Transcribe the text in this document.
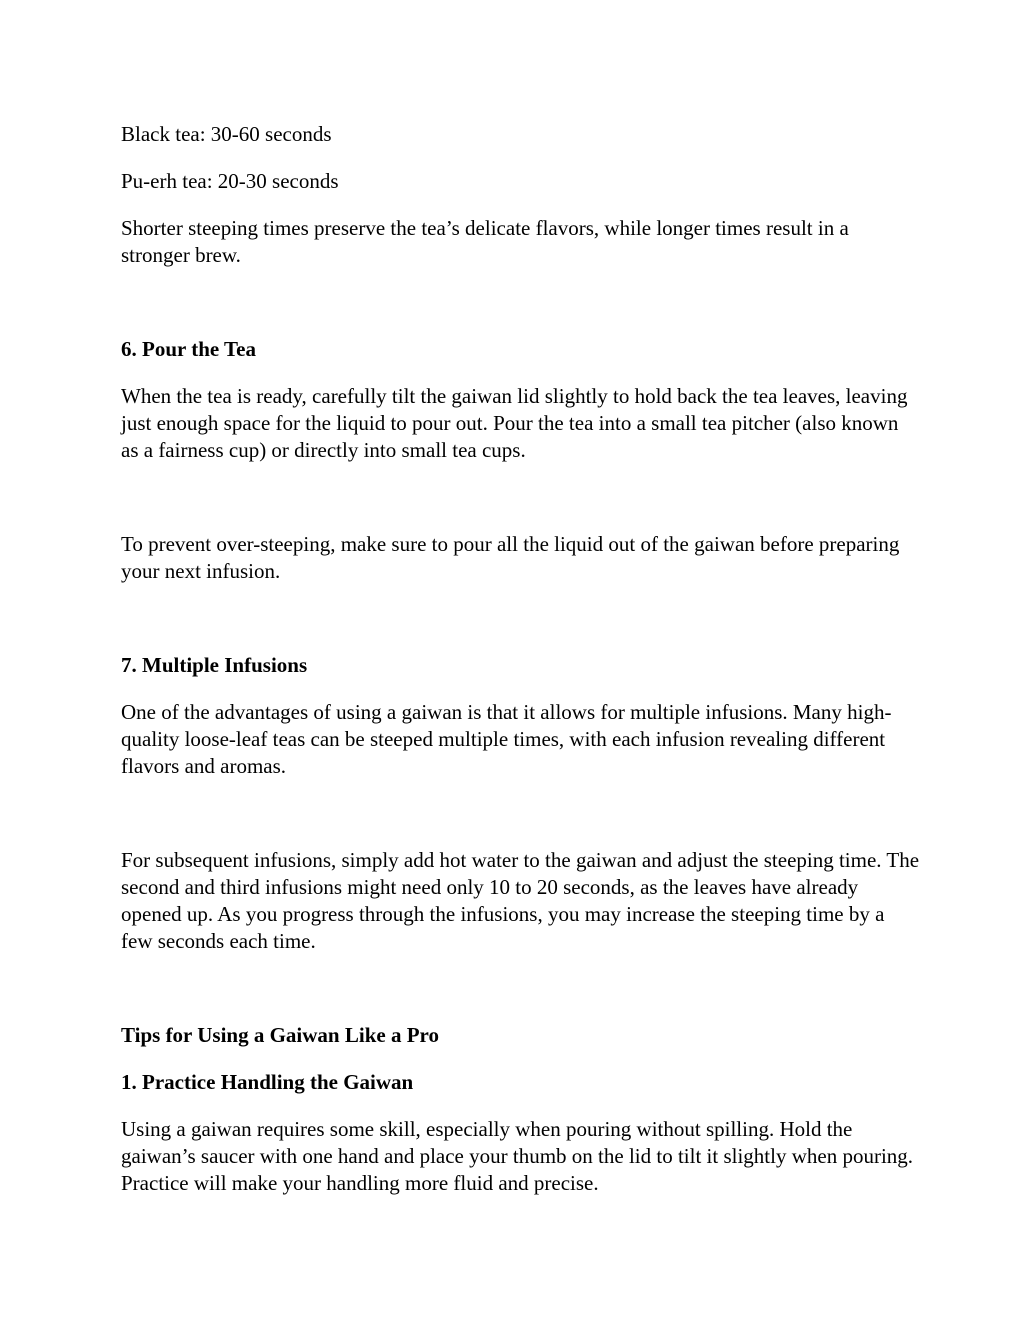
Black tea: 30-60 seconds

Pu-erh tea: 20-30 seconds

Shorter steeping times preserve the tea’s delicate flavors, while longer times result in a stronger brew.

6. Pour the Tea

When the tea is ready, carefully tilt the gaiwan lid slightly to hold back the tea leaves, leaving just enough space for the liquid to pour out. Pour the tea into a small tea pitcher (also known as a fairness cup) or directly into small tea cups.

To prevent over-steeping, make sure to pour all the liquid out of the gaiwan before preparing your next infusion.

7. Multiple Infusions

One of the advantages of using a gaiwan is that it allows for multiple infusions. Many high-quality loose-leaf teas can be steeped multiple times, with each infusion revealing different flavors and aromas.

For subsequent infusions, simply add hot water to the gaiwan and adjust the steeping time. The second and third infusions might need only 10 to 20 seconds, as the leaves have already opened up. As you progress through the infusions, you may increase the steeping time by a few seconds each time.

Tips for Using a Gaiwan Like a Pro

1. Practice Handling the Gaiwan

Using a gaiwan requires some skill, especially when pouring without spilling. Hold the gaiwan’s saucer with one hand and place your thumb on the lid to tilt it slightly when pouring. Practice will make your handling more fluid and precise.
